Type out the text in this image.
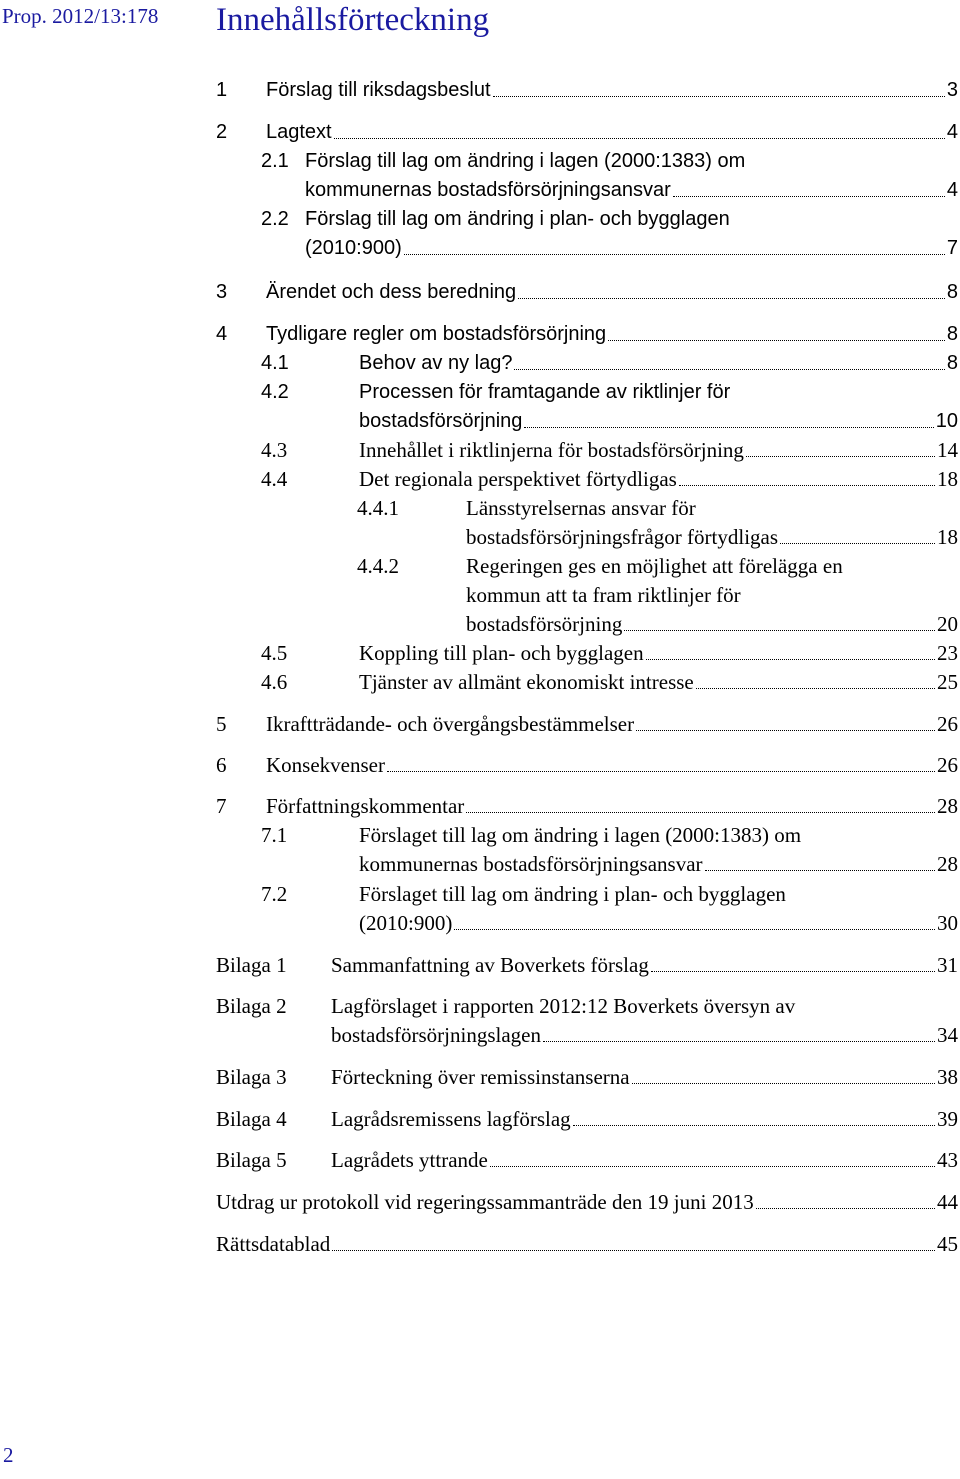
Prop. 2012/13:178 Innehållsförteckning
1 Förslag till riksdagsbeslut	3
2 Lagtext	4
2.1 Förslag till lag om ändring i lagen (2000:1383) om
kommunernas bostadsförsörjningsansvar	4
2.2 Förslag till lag om ändring i plan- och bygglagen
(2010:900)	7
3 Ärendet och dess beredning	8
4 Tydligare regler om bostadsförsörjning	8
4.1	Behov av ny lag?	8
4.2	Processen för framtagande av riktlinjer för
bostadsförsörjning	10
4.3	Innehållet i riktlinjerna för bostadsförsörjning	14
4.4	Det regionala perspektivet förtydligas	18
4.4.1	Länsstyrelsernas ansvar för
bostadsförsörjningsfrågor förtydligas	18
4.4.2	Regeringen ges en möjlighet att förelägga en
kommun att ta fram riktlinjer för
bostadsförsörjning	20
4.5	Koppling till plan- och bygglagen	23
4.6	Tjänster av allmänt ekonomiskt intresse	25
5 Ikraftträdande- och övergångsbestämmelser	26
6 Konsekvenser	26
7 Författningskommentar	28
7.1	Förslaget till lag om ändring i lagen (2000:1383) om
kommunernas bostadsförsörjningsansvar	28
7.2	Förslaget till lag om ändring i plan- och bygglagen
(2010:900)	30
Bilaga 1 Sammanfattning av Boverkets förslag	31
Bilaga 2 Lagförslaget i rapporten 2012:12 Boverkets översyn av
bostadsförsörjningslagen	34
Bilaga 3 Förteckning över remissinstanserna	38
Bilaga 4 Lagrådsremissens lagförslag	39
Bilaga 5 Lagrådets yttrande	43
Utdrag ur protokoll vid regeringssammanträde den 19 juni 2013	44
Rättsdatablad	45
2
